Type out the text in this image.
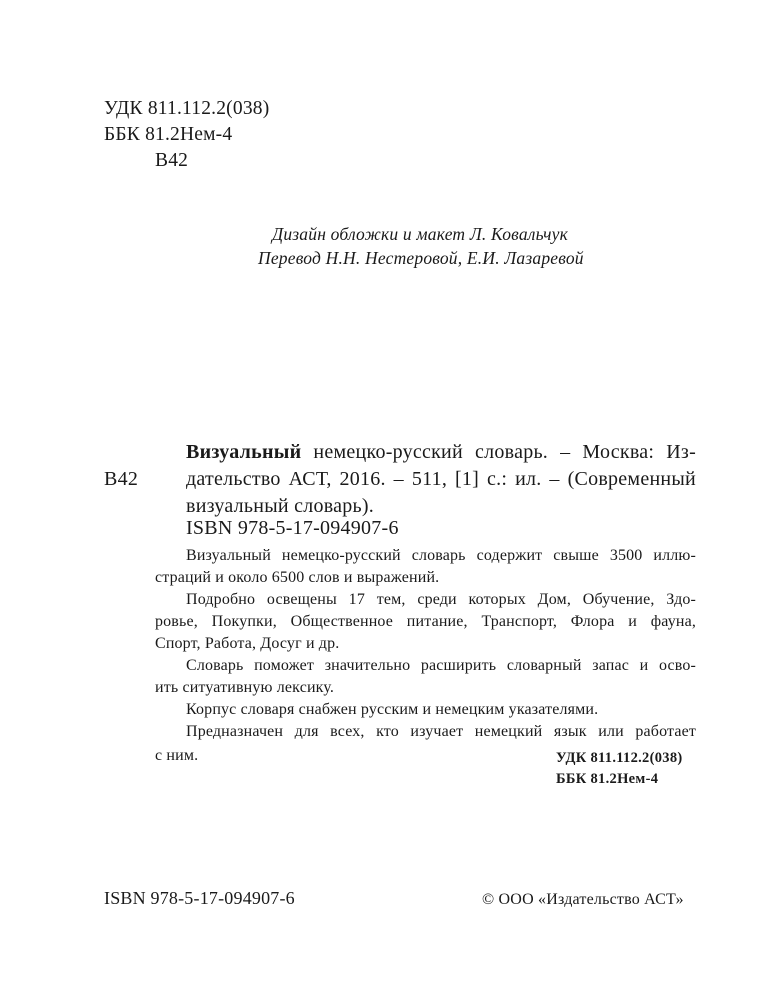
УДК 811.112.2(038)
ББК 81.2Нем-4
В42
Дизайн обложки и макет Л. Ковальчук
Перевод Н.Н. Нестеровой, Е.И. Лазаревой
В42
Визуальный немецко-русский словарь. – Москва: Из-
дательство АСТ, 2016. – 511, [1] с.: ил. – (Современный
визуальный словарь).
ISBN 978-5-17-094907-6
Визуальный немецко-русский словарь содержит свыше 3500 иллю-
страций и около 6500 слов и выражений.
Подробно освещены 17 тем, среди которых Дом, Обучение, Здо-
ровье, Покупки, Общественное питание, Транспорт, Флора и фауна,
Спорт, Работа, Досуг и др.
Словарь поможет значительно расширить словарный запас и осво-
ить ситуативную лексику.
Корпус словаря снабжен русским и немецким указателями.
Предназначен для всех, кто изучает немецкий язык или работает
с ним.	УДК 811.112.2(038)
ББК 81.2Нем-4
ISBN 978-5-17-094907-6	© ООО «Издательство АСТ»
